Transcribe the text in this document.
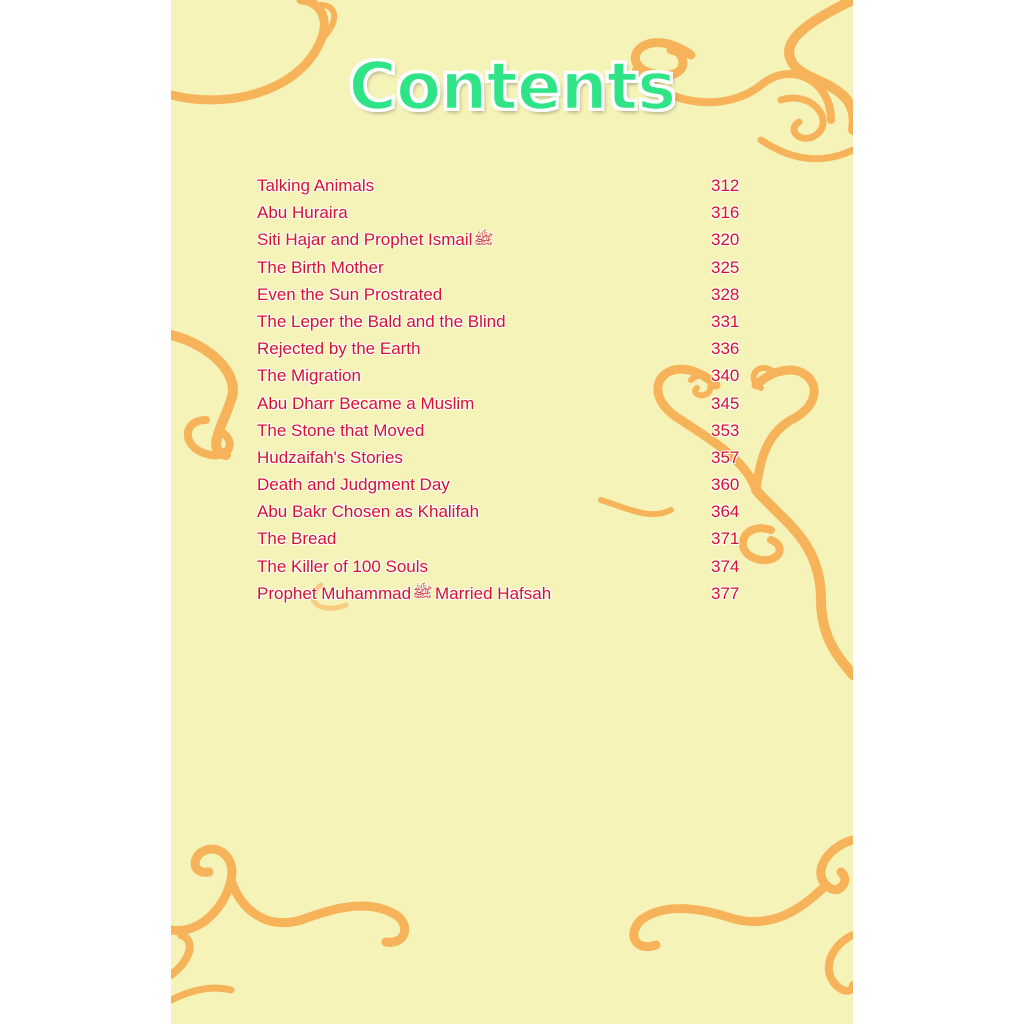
Contents
Talking Animals	312
Abu Huraira	316
Siti Hajar and Prophet Ismailﷺ	320
The Birth Mother	325
Even the Sun Prostrated	328
The Leper the Bald and the Blind	331
Rejected by the Earth	336
The Migration	340
Abu Dharr Became a Muslim	345
The Stone that Moved	353
Hudzaifah's Stories	357
Death and Judgment Day	360
Abu Bakr Chosen as Khalifah	364
The Bread	371
The Killer of 100 Souls	374
Prophet Muhammadﷺ Married Hafsah	377
